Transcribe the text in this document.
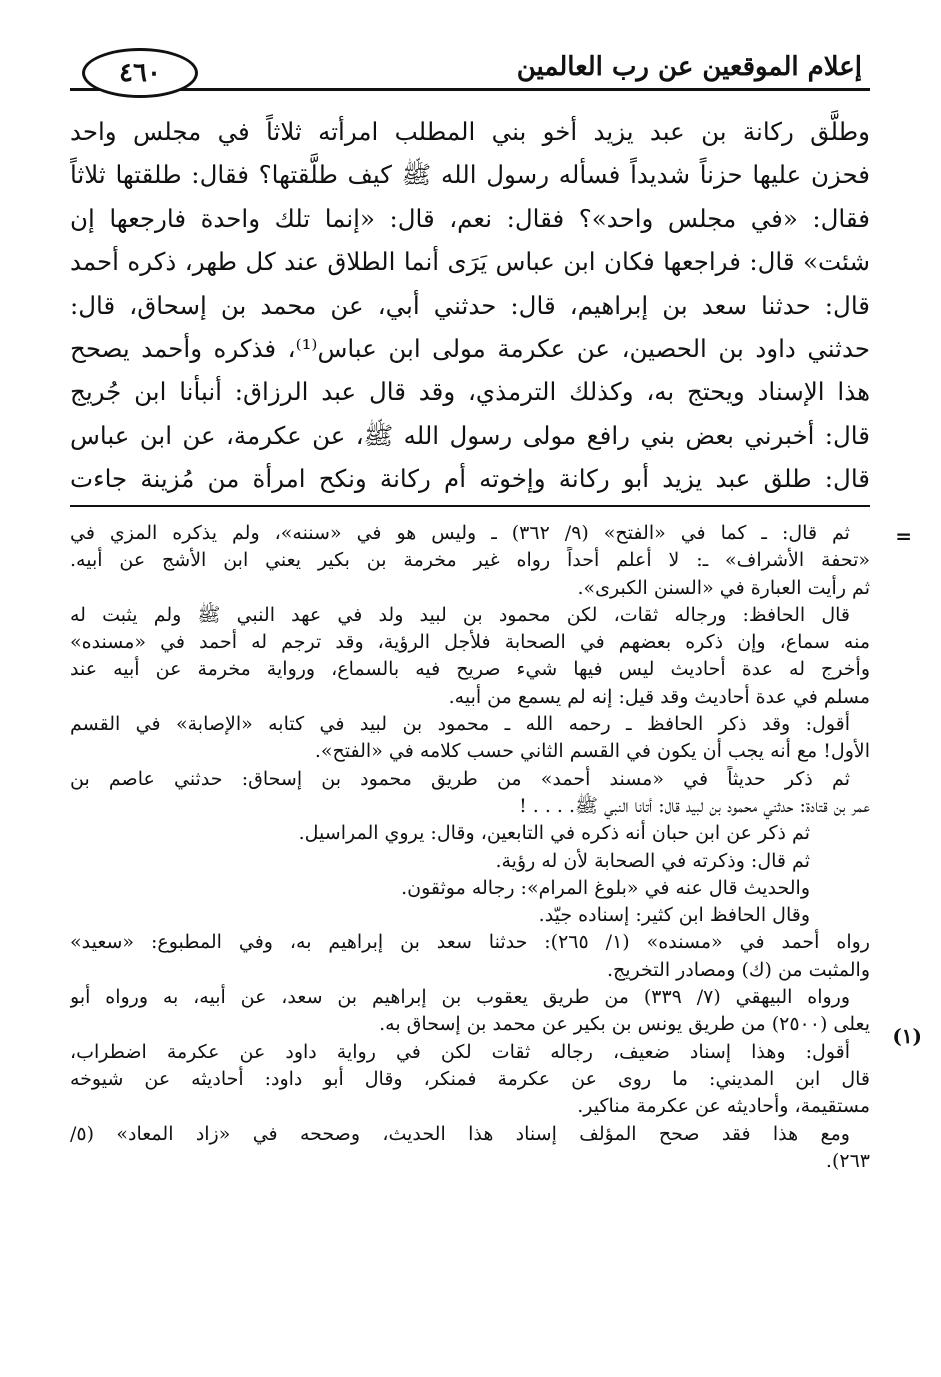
إعلام الموقعين عن رب العالمين
٤٦٠
وطلَّق ركانة بن عبد يزيد أخو بني المطلب امرأته ثلاثاً في مجلس واحد
فحزن عليها حزناً شديداً فسأله رسول الله ﷺ كيف طلَّقتها؟ فقال: طلقتها ثلاثاً
فقال: «في مجلس واحد»؟ فقال: نعم، قال: «إنما تلك واحدة فارجعها إن
شئت» قال: فراجعها فكان ابن عباس يَرَى أنما الطلاق عند كل طهر، ذكره أحمد
قال: حدثنا سعد بن إبراهيم، قال: حدثني أبي، عن محمد بن إسحاق، قال:
حدثني داود بن الحصين، عن عكرمة مولى ابن عباس⁽¹⁾، فذكره وأحمد يصحح
هذا الإسناد ويحتج به، وكذلك الترمذي، وقد قال عبد الرزاق: أنبأنا ابن جُريج
قال: أخبرني بعض بني رافع مولى رسول الله ﷺ، عن عكرمة، عن ابن عباس
قال: طلق عبد يزيد أبو ركانة وإخوته أم ركانة ونكح امرأة من مُزينة جاءت
=
(١)
ثم قال: ـ كما في «الفتح» (٩/ ٣٦٢) ـ وليس هو في «سننه»، ولم يذكره المزي في
«تحفة الأشراف» ـ: لا أعلم أحداً رواه غير مخرمة بن بكير يعني ابن الأشج عن أبيه.
ثم رأيت العبارة في «السنن الكبرى».
قال الحافظ: ورجاله ثقات، لكن محمود بن لبيد ولد في عهد النبي ﷺ ولم يثبت له
منه سماع، وإن ذكره بعضهم في الصحابة فلأجل الرؤية، وقد ترجم له أحمد في «مسنده»
وأخرج له عدة أحاديث ليس فيها شيء صريح فيه بالسماع، ورواية مخرمة عن أبيه عند
مسلم في عدة أحاديث وقد قيل: إنه لم يسمع من أبيه.
أقول: وقد ذكر الحافظ ـ رحمه الله ـ محمود بن لبيد في كتابه «الإصابة» في القسم
الأول! مع أنه يجب أن يكون في القسم الثاني حسب كلامه في «الفتح».
ثم ذكر حديثاً في «مسند أحمد» من طريق محمود بن إسحاق: حدثني عاصم بن
عمر بن قتادة: حدثني محمود بن لبيد قال: أتانا النبي ﷺ. . . . !
ثم ذكر عن ابن حبان أنه ذكره في التابعين، وقال: يروي المراسيل.
ثم قال: وذكرته في الصحابة لأن له رؤية.
والحديث قال عنه في «بلوغ المرام»: رجاله موثقون.
وقال الحافظ ابن كثير: إسناده جيّد.
رواه أحمد في «مسنده» (١/ ٢٦٥): حدثنا سعد بن إبراهيم به، وفي المطبوع: «سعيد»
والمثبت من (ك) ومصادر التخريج.
ورواه البيهقي (٧/ ٣٣٩) من طريق يعقوب بن إبراهيم بن سعد، عن أبيه، به ورواه أبو
يعلى (٢٥٠٠) من طريق يونس بن بكير عن محمد بن إسحاق به.
أقول: وهذا إسناد ضعيف، رجاله ثقات لكن في رواية داود عن عكرمة اضطراب،
قال ابن المديني: ما روى عن عكرمة فمنكر، وقال أبو داود: أحاديثه عن شيوخه
مستقيمة، وأحاديثه عن عكرمة مناكير.
ومع هذا فقد صحح المؤلف إسناد هذا الحديث، وصححه في «زاد المعاد» (٥/
٢٦٣).
